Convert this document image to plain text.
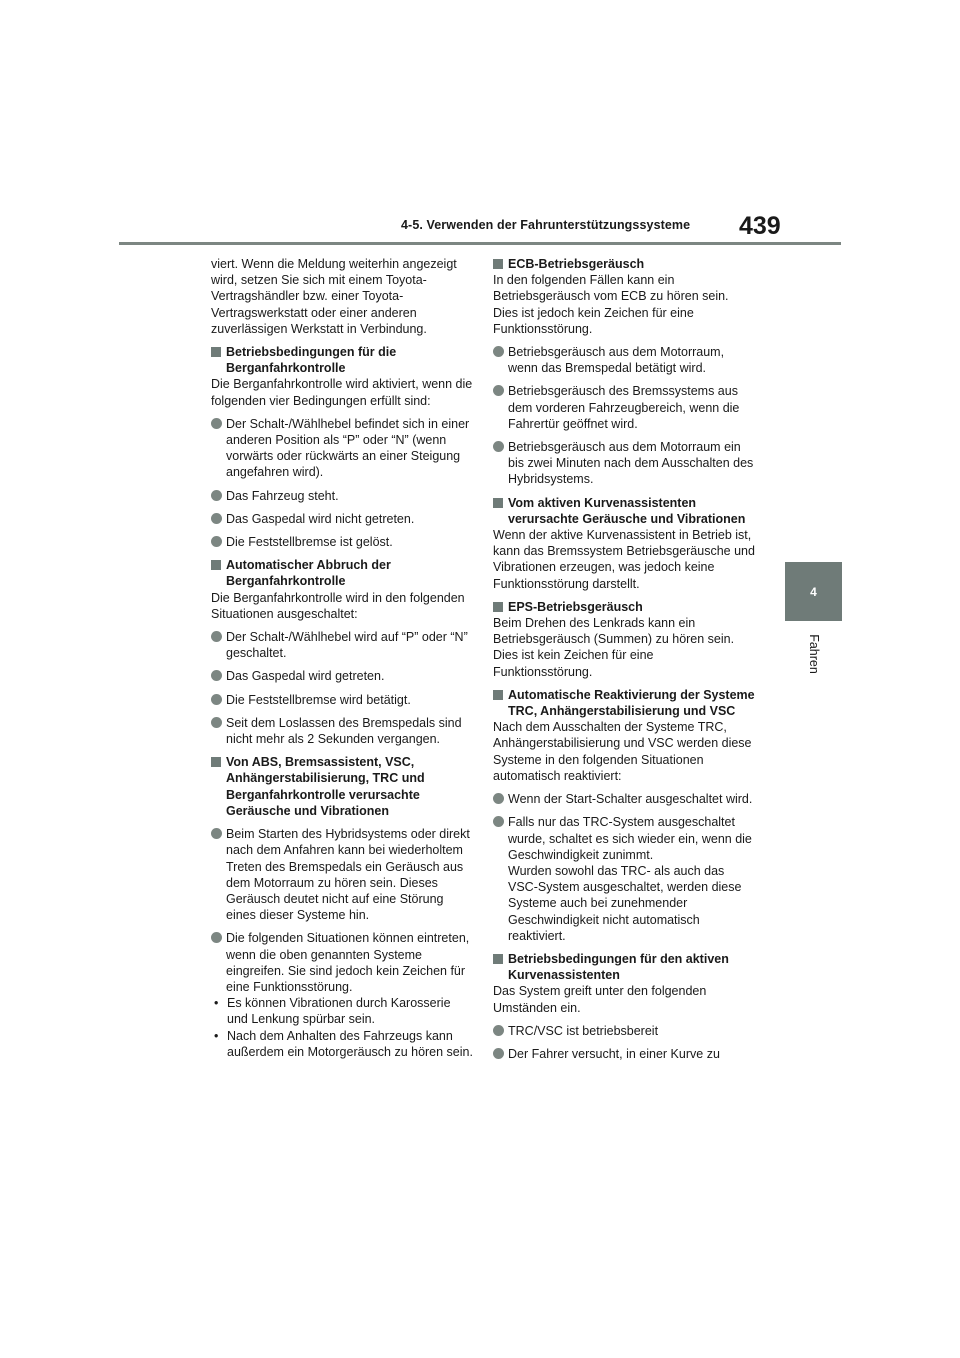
4-5. Verwenden der Fahrunterstützungssysteme 439
4
Fahren

viert. Wenn die Meldung weiterhin angezeigt wird, setzen Sie sich mit einem Toyota-Vertragshändler bzw. einer Toyota-Vertragswerkstatt oder einer anderen zuverlässigen Werkstatt in Verbindung.

Betriebsbedingungen für die Berganfahrkontrolle

Die Berganfahrkontrolle wird aktiviert, wenn die folgenden vier Bedingungen erfüllt sind:

Der Schalt-/Wählhebel befindet sich in einer anderen Position als “P” oder “N” (wenn vorwärts oder rückwärts an einer Steigung angefahren wird).
Das Fahrzeug steht.
Das Gaspedal wird nicht getreten.
Die Feststellbremse ist gelöst.

Automatischer Abbruch der Berganfahrkontrolle

Die Berganfahrkontrolle wird in den folgenden Situationen ausgeschaltet:

Der Schalt-/Wählhebel wird auf “P” oder “N” geschaltet.
Das Gaspedal wird getreten.
Die Feststellbremse wird betätigt.
Seit dem Loslassen des Bremspedals sind nicht mehr als 2 Sekunden vergangen.

Von ABS, Bremsassistent, VSC, Anhängerstabilisierung, TRC und Berganfahrkontrolle verursachte Geräusche und Vibrationen

Beim Starten des Hybridsystems oder direkt nach dem Anfahren kann bei wiederholtem Treten des Bremspedals ein Geräusch aus dem Motorraum zu hören sein. Dieses Geräusch deutet nicht auf eine Störung eines dieser Systeme hin.
Die folgenden Situationen können eintreten, wenn die oben genannten Systeme eingreifen. Sie sind jedoch kein Zeichen für eine Funktionsstörung.
• Es können Vibrationen durch Karosserie und Lenkung spürbar sein.
• Nach dem Anhalten des Fahrzeugs kann außerdem ein Motorgeräusch zu hören sein.

ECB-Betriebsgeräusch

In den folgenden Fällen kann ein Betriebsgeräusch vom ECB zu hören sein. Dies ist jedoch kein Zeichen für eine Funktionsstörung.

Betriebsgeräusch aus dem Motorraum, wenn das Bremspedal betätigt wird.
Betriebsgeräusch des Bremssystems aus dem vorderen Fahrzeugbereich, wenn die Fahrertür geöffnet wird.
Betriebsgeräusch aus dem Motorraum ein bis zwei Minuten nach dem Ausschalten des Hybridsystems.

Vom aktiven Kurvenassistenten verursachte Geräusche und Vibrationen

Wenn der aktive Kurvenassistent in Betrieb ist, kann das Bremssystem Betriebsgeräusche und Vibrationen erzeugen, was jedoch keine Funktionsstörung darstellt.

EPS-Betriebsgeräusch

Beim Drehen des Lenkrads kann ein Betriebsgeräusch (Summen) zu hören sein. Dies ist kein Zeichen für eine Funktionsstörung.

Automatische Reaktivierung der Systeme TRC, Anhängerstabilisierung und VSC

Nach dem Ausschalten der Systeme TRC, Anhängerstabilisierung und VSC werden diese Systeme in den folgenden Situationen automatisch reaktiviert:

Wenn der Start-Schalter ausgeschaltet wird.
Falls nur das TRC-System ausgeschaltet wurde, schaltet es sich wieder ein, wenn die Geschwindigkeit zunimmt.
Wurden sowohl das TRC- als auch das VSC-System ausgeschaltet, werden diese Systeme auch bei zunehmender Geschwindigkeit nicht automatisch reaktiviert.

Betriebsbedingungen für den aktiven Kurvenassistenten

Das System greift unter den folgenden Umständen ein.

TRC/VSC ist betriebsbereit
Der Fahrer versucht, in einer Kurve zu
